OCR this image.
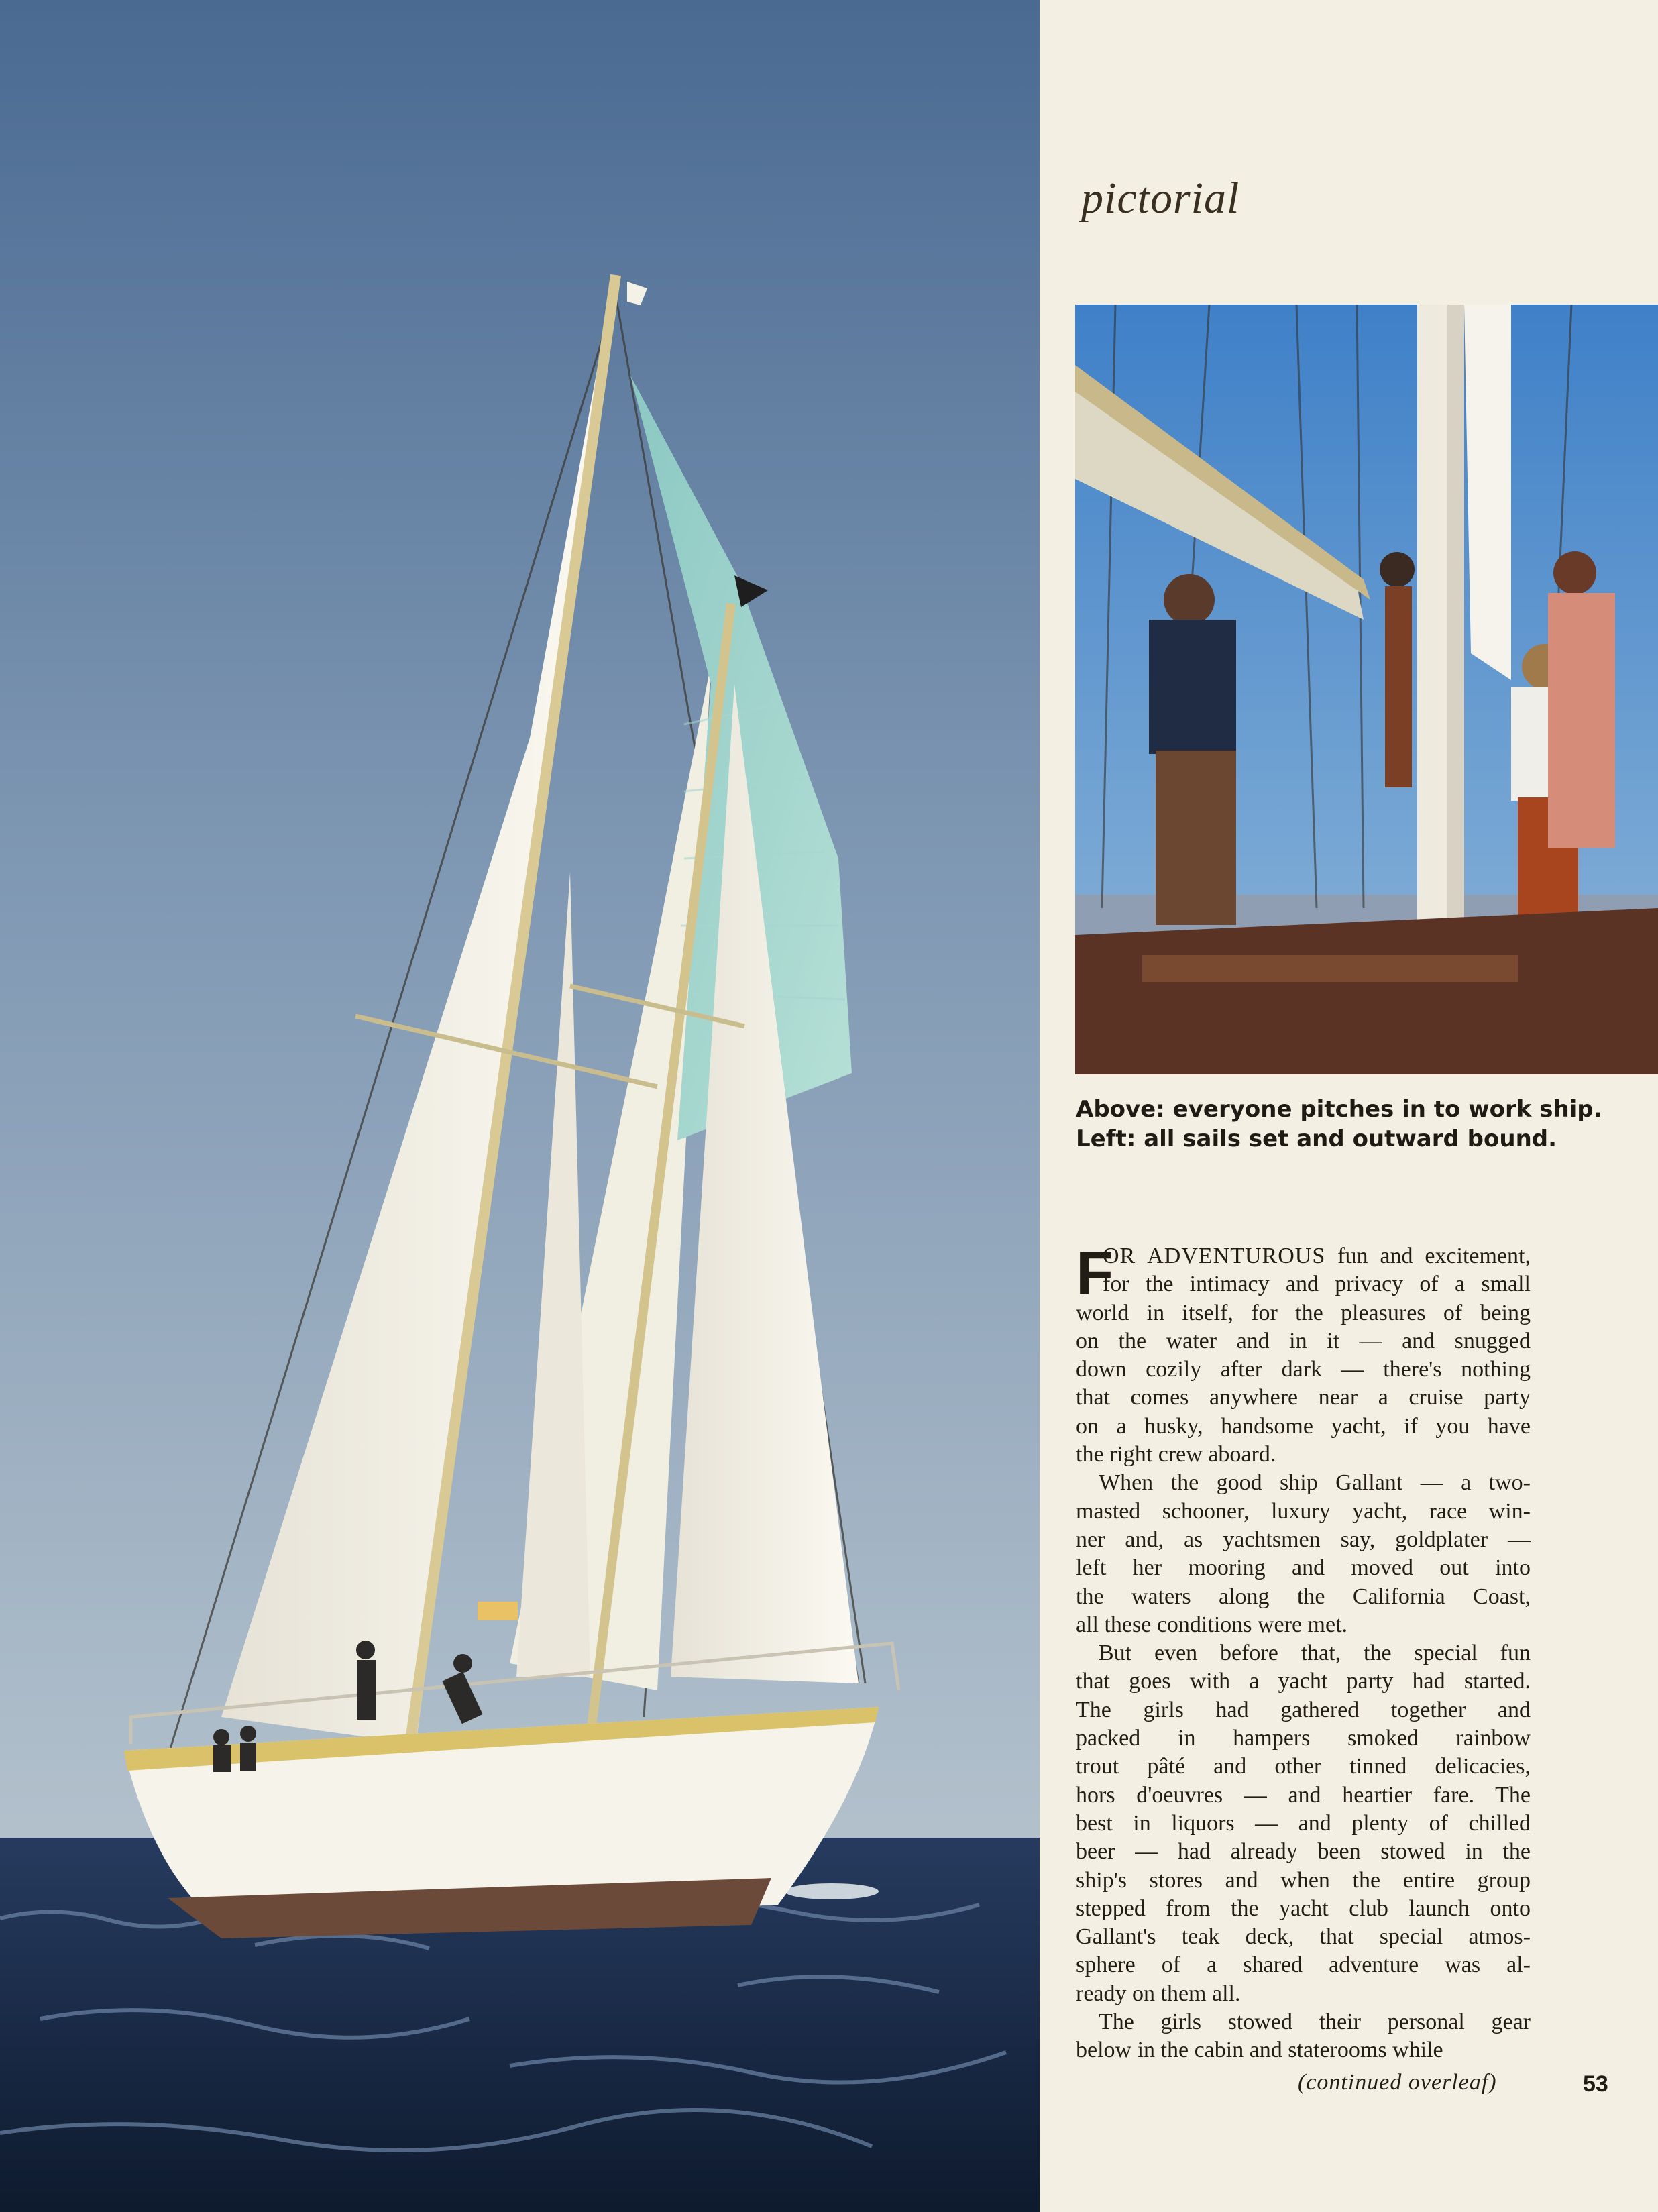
pictorial
Above: everyone pitches in to work ship.
Left: all sails set and outward bound.
F
OR ADVENTUROUS fun and excitement,
for the intimacy and privacy of a small
world in itself, for the pleasures of being
on the water and in it — and snugged
down cozily after dark — there's nothing
that comes anywhere near a cruise party
on a husky, handsome yacht, if you have
the right crew aboard.
When the good ship Gallant — a two-
masted schooner, luxury yacht, race win-
ner and, as yachtsmen say, goldplater —
left her mooring and moved out into
the waters along the California Coast,
all these conditions were met.
But even before that, the special fun
that goes with a yacht party had started.
The girls had gathered together and
packed in hampers smoked rainbow
trout pâté and other tinned delicacies,
hors d'oeuvres — and heartier fare. The
best in liquors — and plenty of chilled
beer — had already been stowed in the
ship's stores and when the entire group
stepped from the yacht club launch onto
Gallant's teak deck, that special atmos-
sphere of a shared adventure was al-
ready on them all.
The girls stowed their personal gear
below in the cabin and staterooms while
(continued overleaf)	53
